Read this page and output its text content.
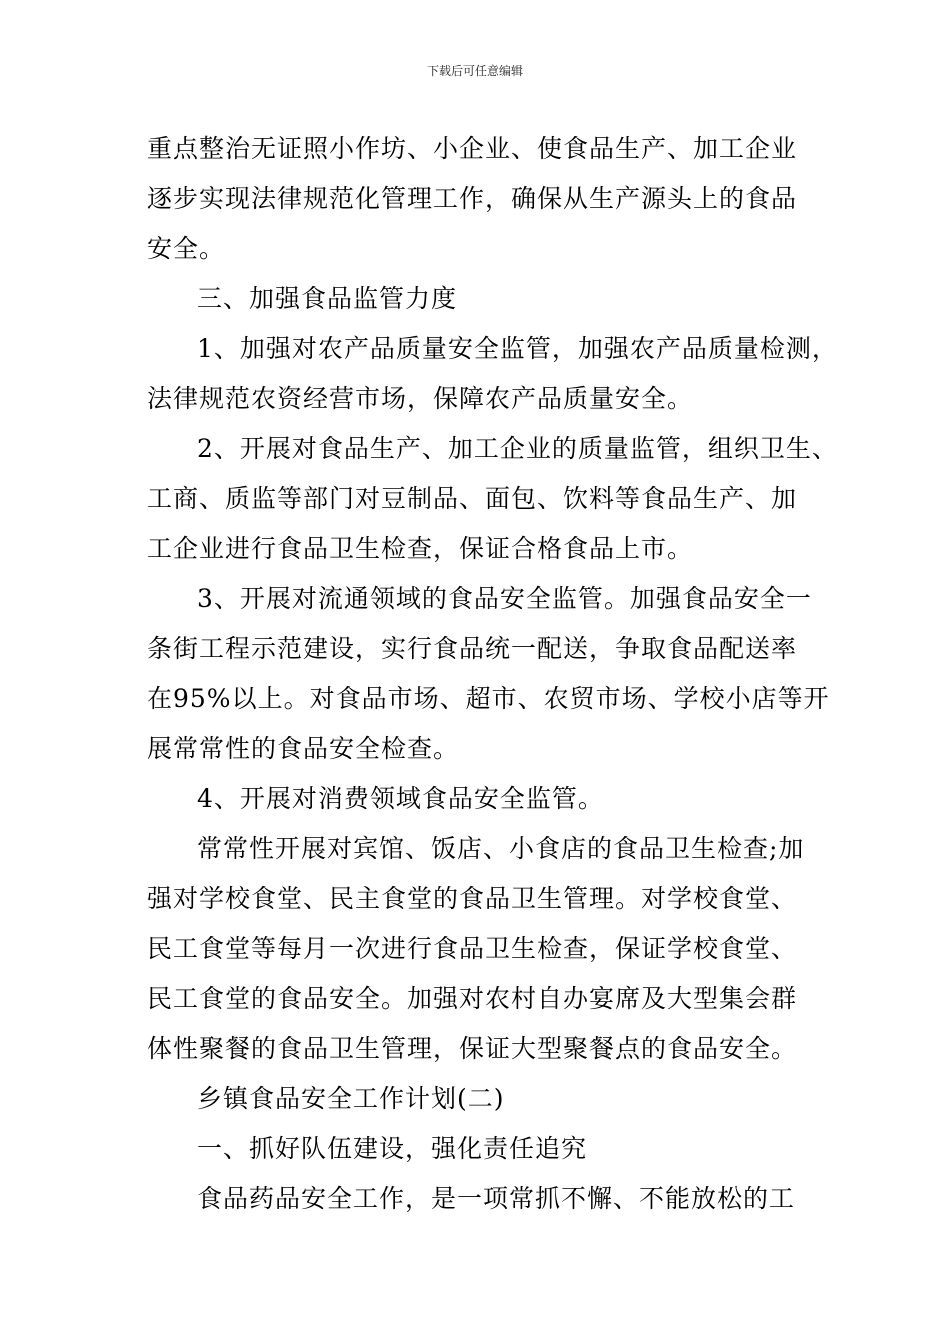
下载后可任意编辑
重点整治无证照小作坊、小企业、使食品生产、加工企业
逐步实现法律规范化管理工作，确保从生产源头上的食品
安全。
三、加强食品监管力度
1、加强对农产品质量安全监管，加强农产品质量检测，
法律规范农资经营市场，保障农产品质量安全。
2、开展对食品生产、加工企业的质量监管，组织卫生、
工商、质监等部门对豆制品、面包、饮料等食品生产、加
工企业进行食品卫生检查，保证合格食品上市。
3、开展对流通领域的食品安全监管。加强食品安全一
条街工程示范建设，实行食品统一配送，争取食品配送率
在95%以上。对食品市场、超市、农贸市场、学校小店等开
展常常性的食品安全检查。
4、开展对消费领域食品安全监管。
常常性开展对宾馆、饭店、小食店的食品卫生检查;加
强对学校食堂、民主食堂的食品卫生管理。对学校食堂、
民工食堂等每月一次进行食品卫生检查，保证学校食堂、
民工食堂的食品安全。加强对农村自办宴席及大型集会群
体性聚餐的食品卫生管理，保证大型聚餐点的食品安全。
乡镇食品安全工作计划(二)
一、抓好队伍建设，强化责任追究
食品药品安全工作，是一项常抓不懈、不能放松的工
